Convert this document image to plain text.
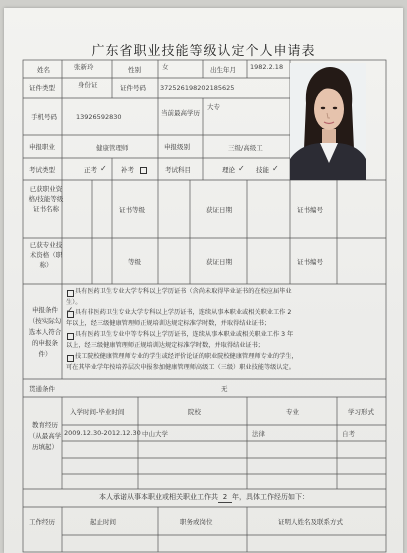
广东省职业技能等级认定个人申请表
姓名	张新玲	性别	女	出生年月 1982.2.18
证件类型	身份证	证件号码 372526198202185625
手机号码	13926592830	当前最高学历
大专
申报职业	健康管理师	申报级别	三级/高级工
考试类型	正考 ✓ 补考	考试科目	理论 ✓ 技能 ✓
已获职业资格/技能等级证书名称	证书等级	获证日期	证书编号
已获专业技术资格（职称）	等级	获证日期	证书编号
申报条件（按实际勾选本人符合的申报条件）
具有医药卫生专业大学专科以上学历证书（含尚未取得毕业证书的在校应届毕业
生）。
✓ 具有非医药卫生专业大学专科以上学历证书，连续从事本职业或相关职业工作 2
年以上，经三级健康管理师正规培训达规定标准学时数，并取得结业证书；
具有医药卫生专业中等专科以上学历证书，连续从事本职业或相关职业工作 3 年
以上，经三级健康管理师正规培训达规定标准学时数，并取得结业证书；
技工院校健康管理师专业的学生或经评价论证的职业院校健康管理师专业的学生，
可在其毕业学年按培养层次申报参加健康管理师高级工（三级）职业技能等级认定。
贯通条件	无
教育经历（从最高学历填起）
入学时间-毕业时间	院校	专业	学习形式
2009.12.30-2012.12.30 中山大学	法律	自考
本人承诺从事本职业或相关职业工作共 2 年，具体工作经历如下：
工作经历	起止时间	职务或岗位	证明人姓名及联系方式
